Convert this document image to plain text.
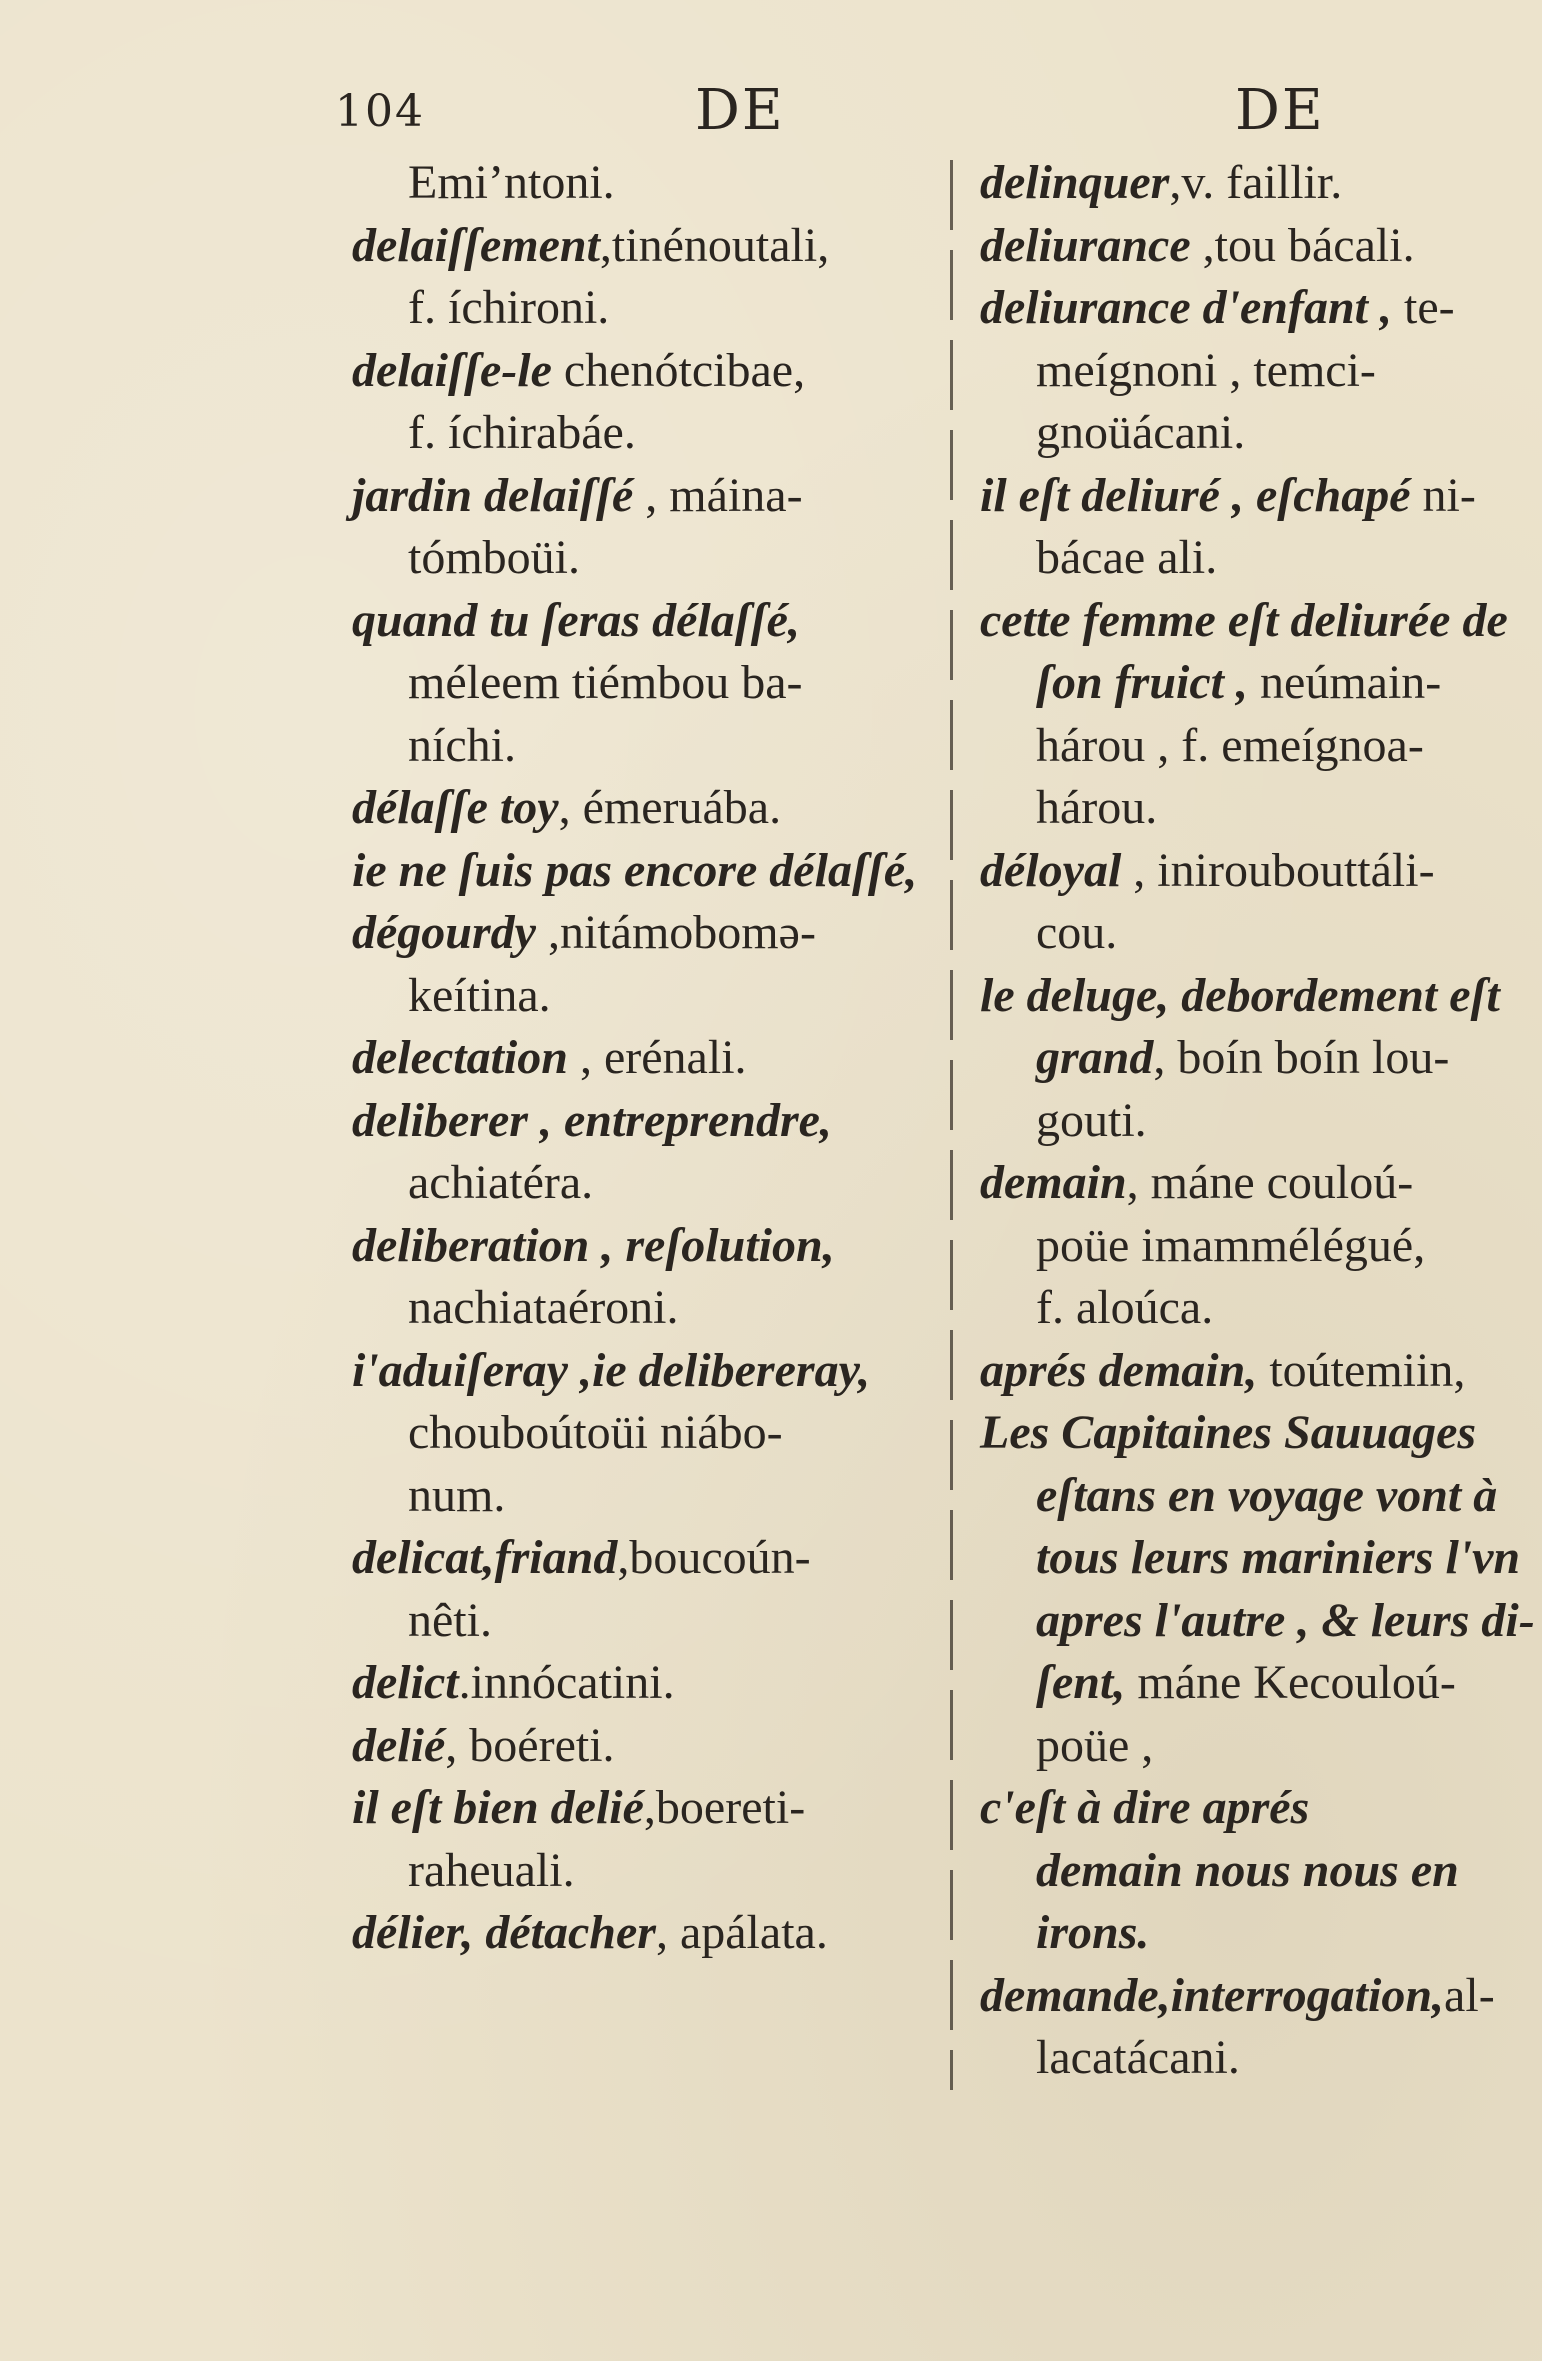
104	DE	DE
Emiʼntoni.
delaiſſement,tinénoutali,
f. íchironi.
delaiſſe-le chenótcibae,
f. íchirabáe.
jardin delaiſſé , máina-
tómboüi.
quand tu ſeras délaſſé,
méleem tiémbou ba-
níchi.
délaſſe toy, émeruába.
ie ne ſuis pas encore délaſſé,
dégourdy ,nitámobomə-
keítina.
delectation , erénali.
deliberer , entreprendre,
achiatéra.
deliberation , reſolution,
nachiataéroni.
i'aduiſeray ,ie delibereray,
chouboútoüi niábo-
num.
delicat,friand,boucoún-
nêti.
delict.innócatini.
delié, boéreti.
il eſt bien delié,boereti-
raheuali.
délier, détacher, apálata.
delinquer,v. faillir.
deliurance ,tou bácali.
deliurance d'enfant , te-
meígnoni , temci-
gnoüácani.
il eſt deliuré , eſchapé ni-
bácae ali.
cette femme eſt deliurée de
ſon fruict , neúmain-
hárou , f. emeígnoa-
hárou.
déloyal , iniroubouttáli-
cou.
le deluge, debordement eſt
grand, boín boín lou-
gouti.
demain, máne couloú-
poüe imammélégué,
f. aloúca.
aprés demain, toútemiin,
Les Capitaines Sauuages
eſtans en voyage vont à
tous leurs mariniers l'vn
apres l'autre , & leurs di-
ſent, máne Kecouloú-
poüe ,
c'eſt à dire aprés
demain nous nous en
irons.
demande,interrogation,al-
lacatácani.
